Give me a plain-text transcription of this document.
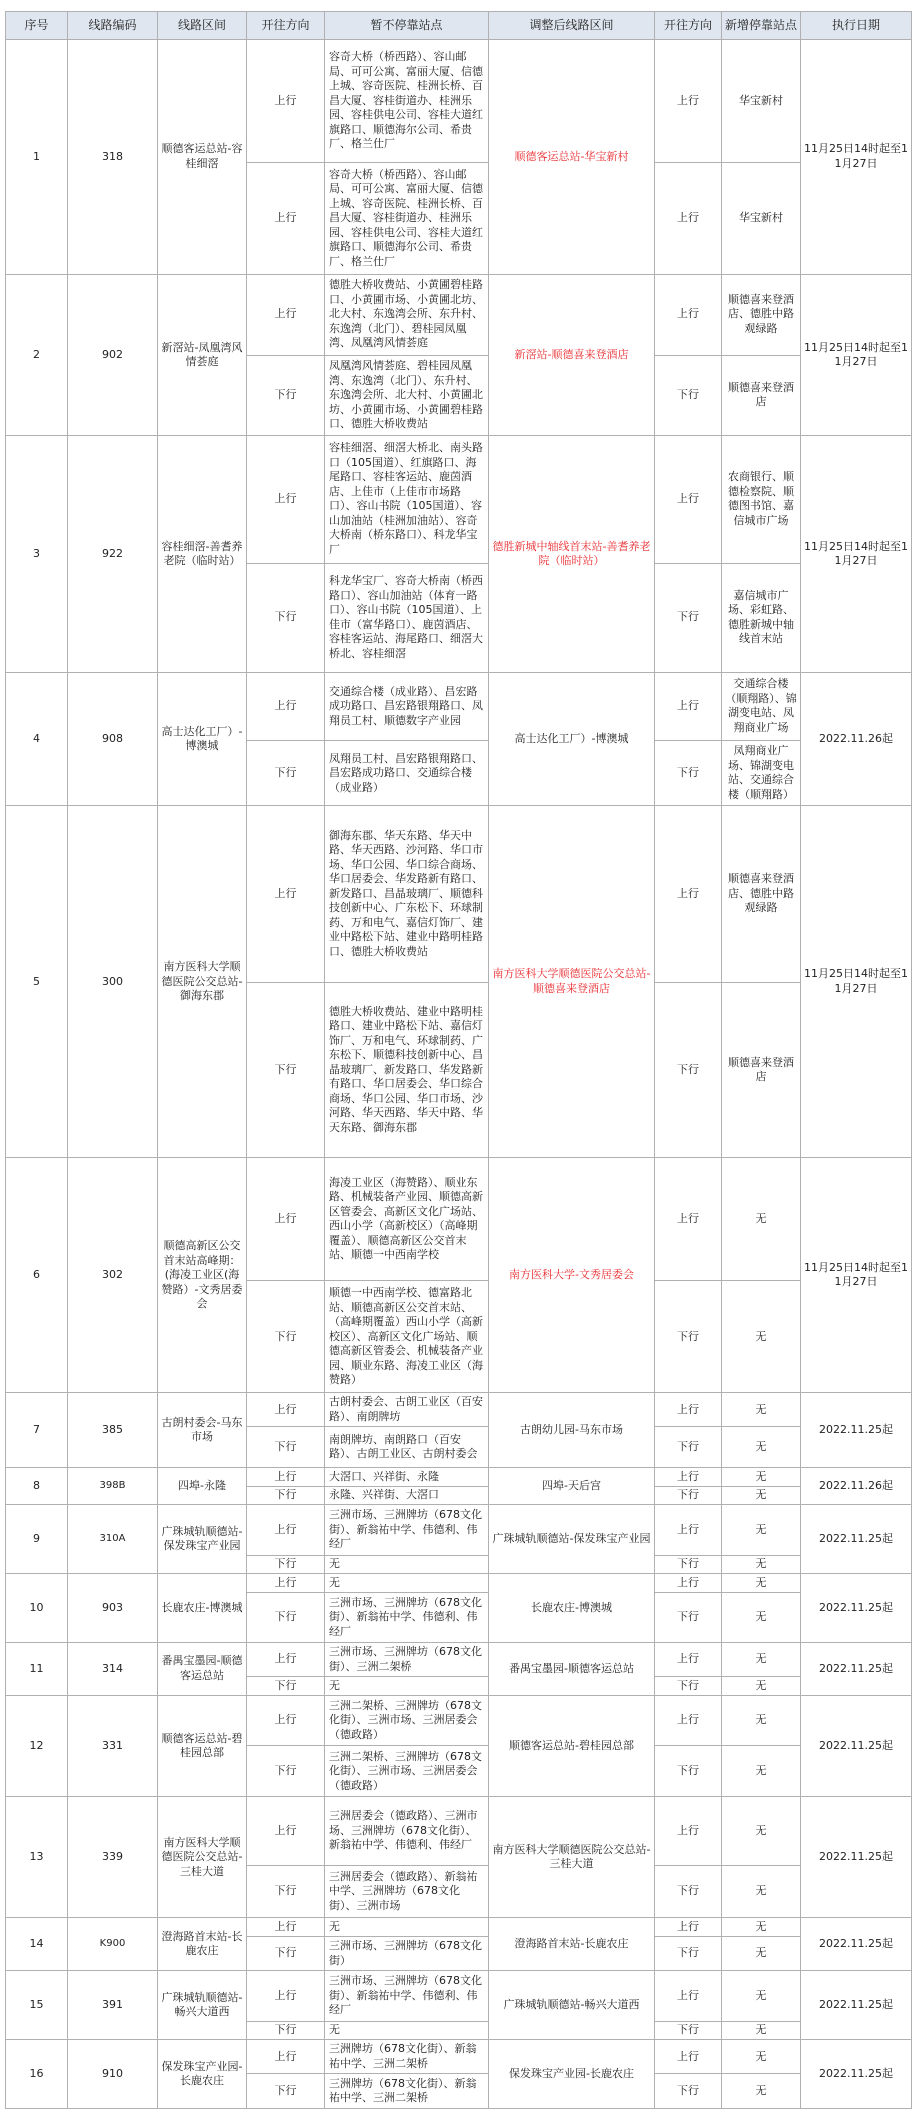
序号	线路编码	线路区间	开往方向	暂不停靠站点	调整后线路区间	开往方向	新增停靠站点	执行日期
1	318	顺德客运总站-容桂细滘	上行	容奇大桥（桥西路）、容山邮局、可可公寓、富丽大厦、信德上城、容奇医院、桂洲长桥、百昌大厦、容桂街道办、桂洲乐园、容桂供电公司、容桂大道红旗路口、顺德海尔公司、希贵厂、格兰仕厂	顺德客运总站-华宝新村	上行	华宝新村	11月25日14时起至11月27日
			上行	容奇大桥（桥西路）、容山邮局、可可公寓、富丽大厦、信德上城、容奇医院、桂洲长桥、百昌大厦、容桂街道办、桂洲乐园、容桂供电公司、容桂大道红旗路口、顺德海尔公司、希贵厂、格兰仕厂		上行	华宝新村	
2	902	新滘站-凤凰湾风情荟庭	上行	德胜大桥收费站、小黄圃碧桂路口、小黄圃市场、小黄圃北坊、北大村、东逸湾会所、东升村、东逸湾（北门）、碧桂园凤凰湾、凤凰湾风情荟庭	新滘站-顺德喜来登酒店	上行	顺德喜来登酒店、德胜中路观绿路	11月25日14时起至11月27日
			下行	凤凰湾风情荟庭、碧桂园凤凰湾、东逸湾（北门）、东升村、东逸湾会所、北大村、小黄圃北坊、小黄圃市场、小黄圃碧桂路口、德胜大桥收费站		下行	顺德喜来登酒店	
3	922	容桂细滘-善耆养老院（临时站）	上行	容桂细滘、细滘大桥北、南头路口（105国道）、红旗路口、海尾路口、容桂客运站、鹿茵酒店、上佳市（上佳市市场路口）、容山书院（105国道）、容山加油站（桂洲加油站）、容奇大桥南（桥东路口）、科龙华宝厂	德胜新城中轴线首末站-善耆养老院（临时站）	上行	农商银行、顺德检察院、顺德图书馆、嘉信城市广场	11月25日14时起至11月27日
			下行	科龙华宝厂、容奇大桥南（桥西路口）、容山加油站（体育一路口）、容山书院（105国道）、上佳市（富华路口）、鹿茵酒店、容桂客运站、海尾路口、细滘大桥北、容桂细滘		下行	嘉信城市广场、彩虹路、德胜新城中轴线首末站	
4	908	高士达化工厂）-博澳城	上行	交通综合楼（成业路）、昌宏路成功路口、昌宏路银翔路口、凤翔员工村、顺德数字产业园	高士达化工厂）-博澳城	上行	交通综合楼（顺翔路）、锦湖变电站、凤翔商业广场	2022.11.26起
			下行	凤翔员工村、昌宏路银翔路口、昌宏路成功路口、交通综合楼（成业路）		下行	凤翔商业广场、锦湖变电站、交通综合楼（顺翔路）	
5	300	南方医科大学顺德医院公交总站-御海东郡	上行	御海东郡、华天东路、华天中路、华天西路、沙河路、华口市场、华口公园、华口综合商场、华口居委会、华发路新有路口、新发路口、昌晶玻璃厂、顺德科技创新中心、广东松下、环球制药、万和电气、嘉信灯饰厂、建业中路松下站、建业中路明桂路口、德胜大桥收费站	南方医科大学顺德医院公交总站-顺德喜来登酒店	上行	顺德喜来登酒店、德胜中路观绿路	11月25日14时起至11月27日
			下行	德胜大桥收费站、建业中路明桂路口、建业中路松下站、嘉信灯饰厂、万和电气、环球制药、广东松下、顺德科技创新中心、昌晶玻璃厂、新发路口、华发路新有路口、华口居委会、华口综合商场、华口公园、华口市场、沙河路、华天西路、华天中路、华天东路、御海东郡		下行	顺德喜来登酒店	
6	302	顺德高新区公交首末站高峰期：(海凌工业区(海赞路）-文秀居委会	上行	海凌工业区（海赞路）、顺业东路、机械装备产业园、顺德高新区管委会、高新区文化广场站、西山小学（高新校区）（高峰期覆盖）、顺德高新区公交首末站、顺德一中西南学校	南方医科大学-文秀居委会	上行	无	11月25日14时起至11月27日
			下行	顺德一中西南学校、德富路北站、顺德高新区公交首末站、（高峰期覆盖）西山小学（高新校区）、高新区文化广场站、顺德高新区管委会、机械装备产业园、顺业东路、海凌工业区（海赞路）		下行	无	
7	385	古朗村委会-马东市场	上行	古朗村委会、古朗工业区（百安路）、南朗牌坊	古朗幼儿园-马东市场	上行	无	2022.11.25起
			下行	南朗牌坊、南朗路口（百安路）、古朗工业区、古朗村委会		下行	无	
8	398B	四埠-永隆	上行	大滘口、兴祥街、永隆	四埠-天后宫	上行	无	2022.11.26起
			下行	永隆、兴祥街、大滘口		下行	无	
9	310A	广珠城轨顺德站-保发珠宝产业园	上行	三洲市场、三洲牌坊（678文化街）、新翁祐中学、伟德利、伟经厂	广珠城轨顺德站-保发珠宝产业园	上行	无	2022.11.25起
			下行	无		下行	无	
10	903	长鹿农庄-博澳城	上行	无	长鹿农庄-博澳城	上行	无	2022.11.25起
			下行	三洲市场、三洲牌坊（678文化街）、新翁祐中学、伟德利、伟经厂		下行	无	
11	314	番禺宝墨园-顺德客运总站	上行	三洲市场、三洲牌坊（678文化街）、三洲二架桥	番禺宝墨园-顺德客运总站	上行	无	2022.11.25起
			下行	无		下行	无	
12	331	顺德客运总站-碧桂园总部	上行	三洲二架桥、三洲牌坊（678文化街）、三洲市场、三洲居委会（德政路）	顺德客运总站-碧桂园总部	上行	无	2022.11.25起
			下行	三洲二架桥、三洲牌坊（678文化街）、三洲市场、三洲居委会（德政路）		下行	无	
13	339	南方医科大学顺德医院公交总站-三桂大道	上行	三洲居委会（德政路）、三洲市场、三洲牌坊（678文化街）、新翁祐中学、伟德利、伟经厂	南方医科大学顺德医院公交总站-三桂大道	上行	无	2022.11.25起
			下行	三洲居委会（德政路）、新翁祐中学、三洲牌坊（678文化街）、三洲市场		下行	无	
14	K900	澄海路首末站-长鹿农庄	上行	无	澄海路首末站-长鹿农庄	上行	无	2022.11.25起
			下行	三洲市场、三洲牌坊（678文化街）		下行	无	
15	391	广珠城轨顺德站-畅兴大道西	上行	三洲市场、三洲牌坊（678文化街）、新翁祐中学、伟德利、伟经厂	广珠城轨顺德站-畅兴大道西	上行	无	2022.11.25起
			下行	无		下行	无	
16	910	保发珠宝产业园-长鹿农庄	上行	三洲牌坊（678文化街）、新翁祐中学、三洲二架桥	保发珠宝产业园-长鹿农庄	上行	无	2022.11.25起
			下行	三洲牌坊（678文化街）、新翁祐中学、三洲二架桥		下行	无	
